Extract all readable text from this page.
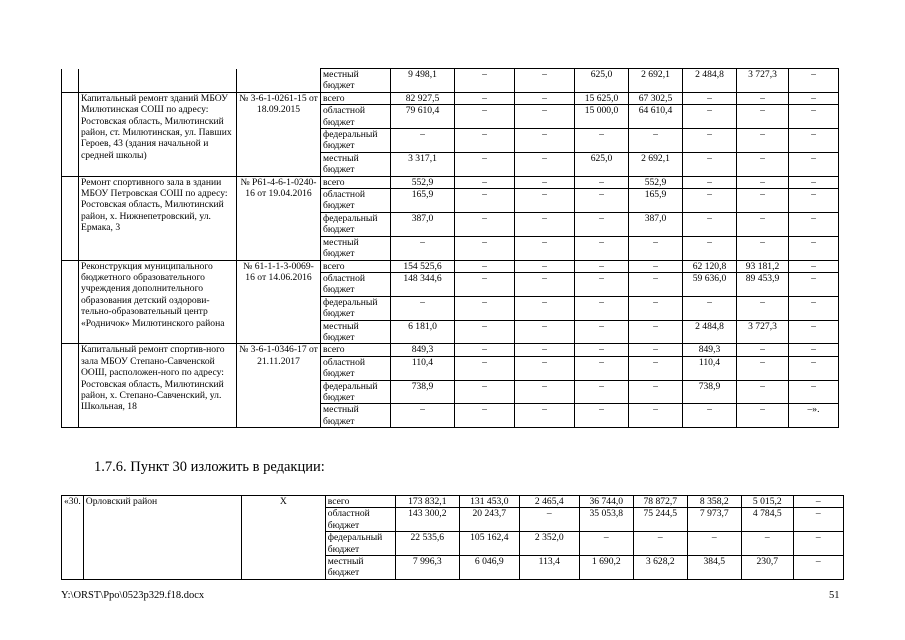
			местный бюджет	9 498,1	–	–	625,0	2 692,1	2 484,8	3 727,3	–
	Капитальный ремонт зданий МБОУ Милютинская СОШ по адресу: Ростовская область, Милютинский район, ст. Милютинская, ул. Павших Героев, 43 (здания начальной и средней школы)	№ 3-6-1-0261-15 от 18.09.2015	всего	82 927,5	–	–	15 625,0	67 302,5	–	–	–
			областной бюджет	79 610,4	–	–	15 000,0	64 610,4	–	–	–
			федеральный бюджет	–	–	–	–	–	–	–	–
			местный бюджет	3 317,1	–	–	625,0	2 692,1	–	–	–
	Ремонт спортивного зала в здании МБОУ Петровская СОШ по адресу: Ростовская область, Милютинский район, х. Нижнепетровский, ул. Ермака, 3	№ Р61-4-6-1-0240-16 от 19.04.2016	всего	552,9	–	–	–	552,9	–	–	–
			областной бюджет	165,9	–	–	–	165,9	–	–	–
			федеральный бюджет	387,0	–	–	–	387,0	–	–	–
			местный бюджет	–	–	–	–	–	–	–	–
	Реконструкция муниципального бюджетного образовательного учреждения дополнительного образования детский оздорови-тельно-образовательный центр «Родничок» Милютинского района	№ 61-1-1-3-0069-16 от 14.06.2016	всего	154 525,6	–	–	–	–	62 120,8	93 181,2	–
			областной бюджет	148 344,6	–	–	–	–	59 636,0	89 453,9	–
			федеральный бюджет	–	–	–	–	–	–	–	–
			местный бюджет	6 181,0	–	–	–	–	2 484,8	3 727,3	–
	Капитальный ремонт спортив-ного зала МБОУ Степано-Савченской ООШ, расположен-ного по адресу: Ростовская область, Милютинский район, х. Степано-Савченский, ул. Школьная, 18	№ 3-6-1-0346-17 от 21.11.2017	всего	849,3	–	–	–	–	849,3	–	–
			областной бюджет	110,4	–	–	–	–	110,4	–	–
			федеральный бюджет	738,9	–	–	–	–	738,9	–	–
			местный бюджет	–	–	–	–	–	–	–	–».
1.7.6. Пункт 30 изложить в редакции:
«30.	Орловский район	Х	всего	173 832,1	131 453,0	2 465,4	36 744,0	78 872,7	8 358,2	5 015,2	–
			областной бюджет	143 300,2	20 243,7	–	35 053,8	75 244,5	7 973,7	4 784,5	–
			федеральный бюджет	22 535,6	105 162,4	2 352,0	–	–	–	–	–
			местный бюджет	7 996,3	6 046,9	113,4	1 690,2	3 628,2	384,5	230,7	–
Y:\ORST\Ppo\0523p329.f18.docx	51
